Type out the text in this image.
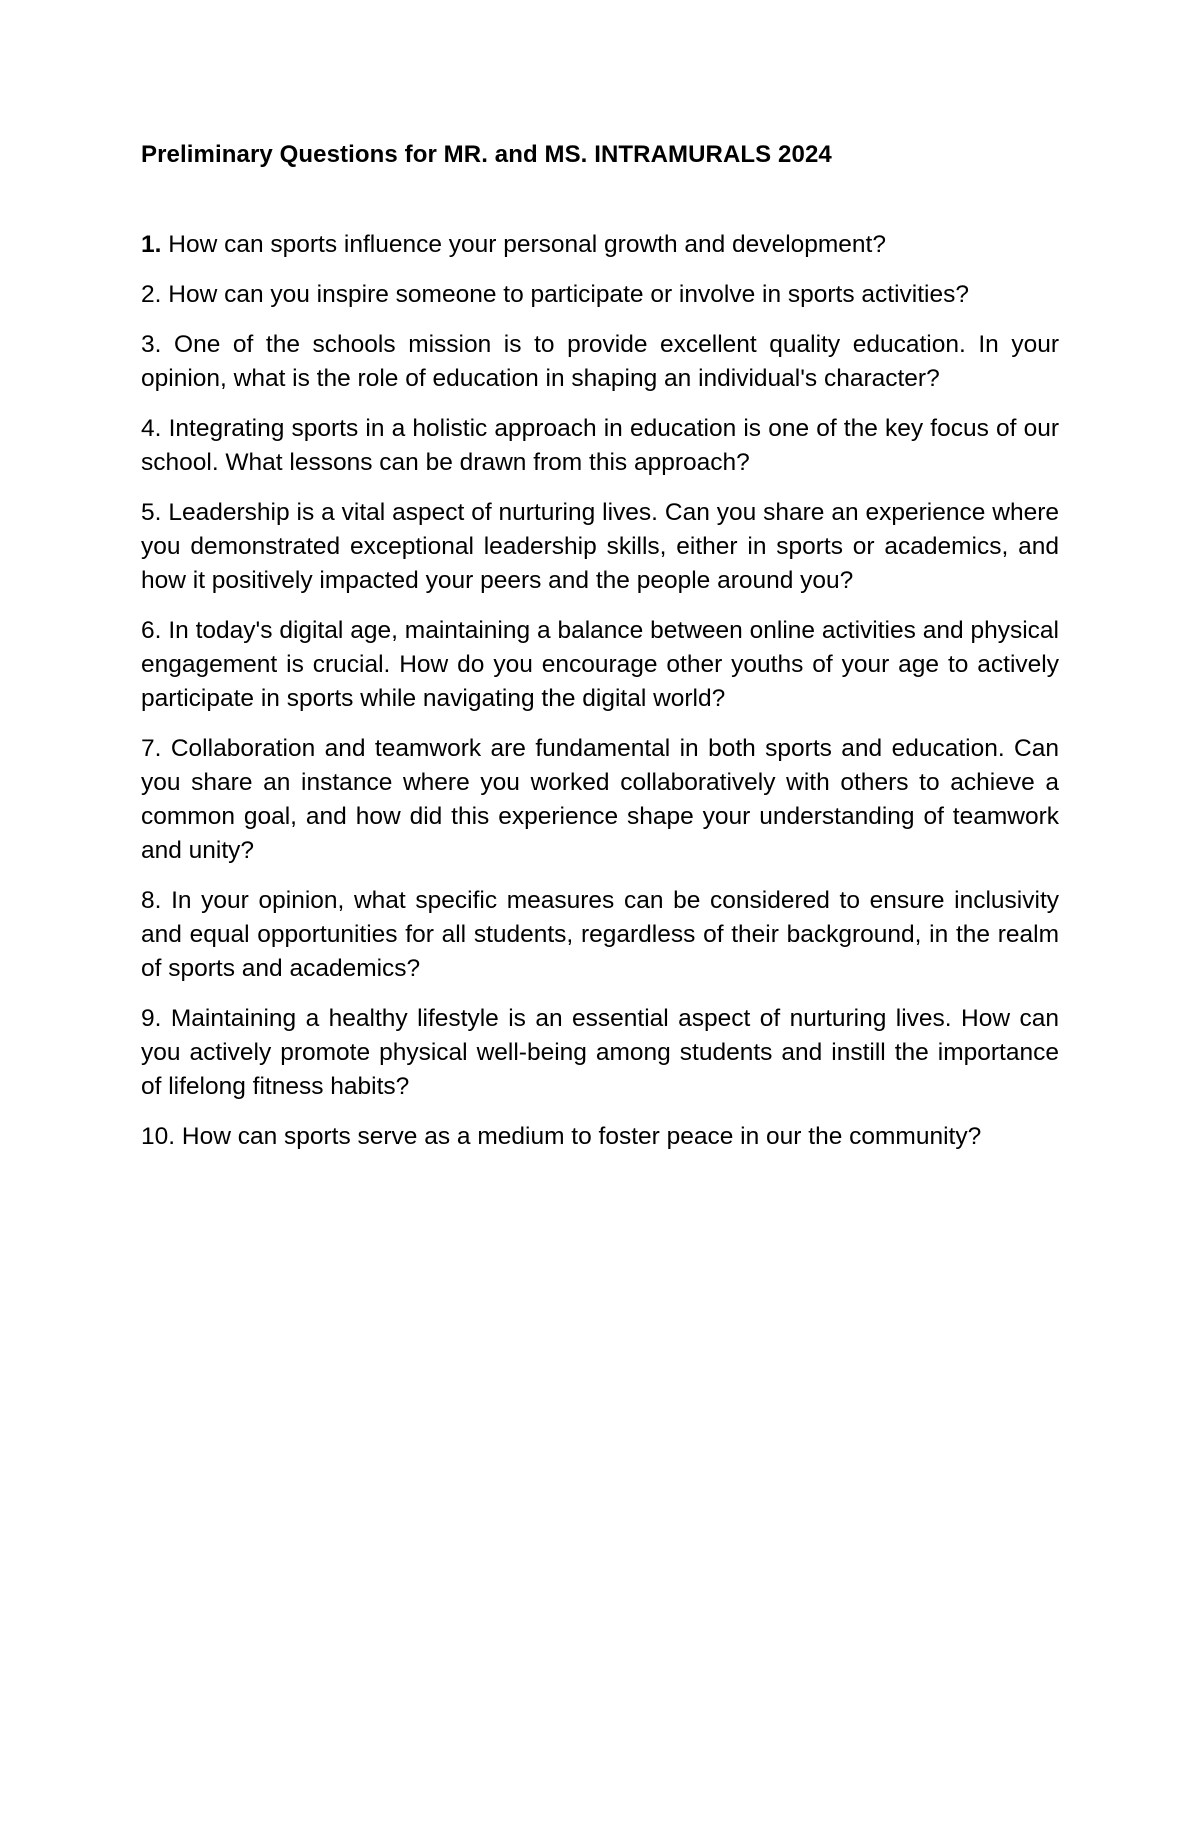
Preliminary Questions for MR. and MS. INTRAMURALS 2024

1. How can sports influence your personal growth and development?

2. How can you inspire someone to participate or involve in sports activities?

3. One of the schools mission is to provide excellent quality education. In your opinion, what is the role of education in shaping an individual's character?

4. Integrating sports in a holistic approach in education is one of the key focus of our school. What lessons can be drawn from this approach?

5. Leadership is a vital aspect of nurturing lives. Can you share an experience where you demonstrated exceptional leadership skills, either in sports or academics, and how it positively impacted your peers and the people around you?

6. In today's digital age, maintaining a balance between online activities and physical engagement is crucial. How do you encourage other youths of your age to actively participate in sports while navigating the digital world?

7. Collaboration and teamwork are fundamental in both sports and education. Can you share an instance where you worked collaboratively with others to achieve a common goal, and how did this experience shape your understanding of teamwork and unity?

8. In your opinion, what specific measures can be considered to ensure inclusivity and equal opportunities for all students, regardless of their background, in the realm of sports and academics?

9. Maintaining a healthy lifestyle is an essential aspect of nurturing lives. How can you actively promote physical well-being among students and instill the importance of lifelong fitness habits?

10. How can sports serve as a medium to foster peace in our the community?
